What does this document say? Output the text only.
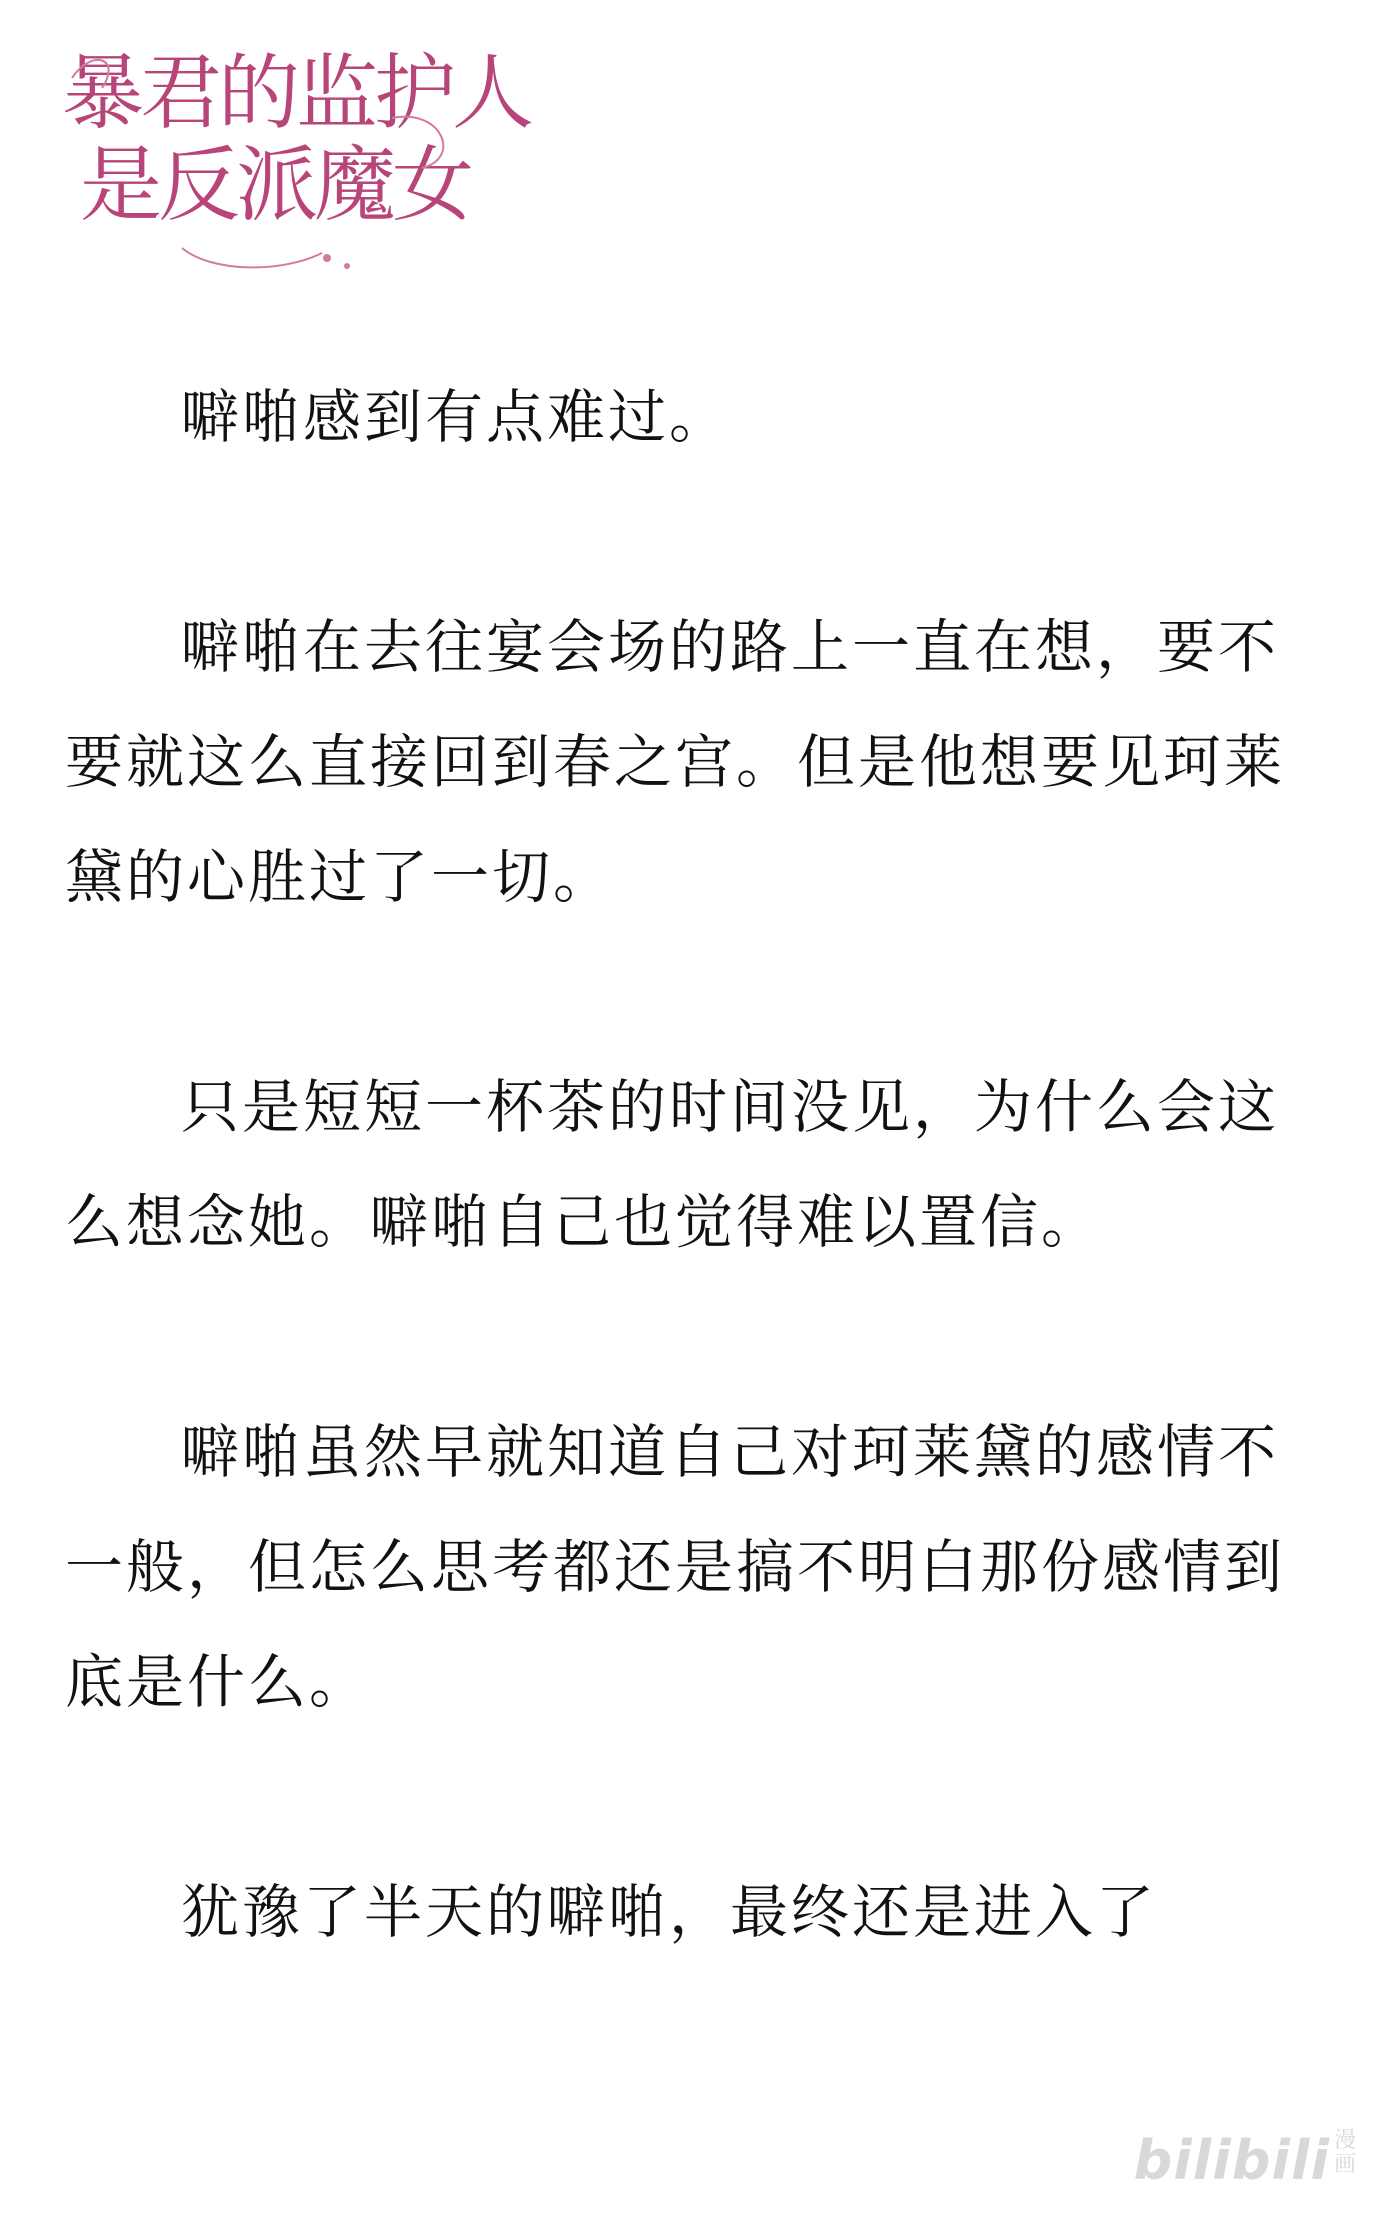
暴君的监护人
是反派魔女

噼啪感到有点难过。

噼啪在去往宴会场的路上一直在想，要不要就这么直接回到春之宫。但是他想要见珂莱黛的心胜过了一切。

只是短短一杯茶的时间没见，为什么会这么想念她。噼啪自己也觉得难以置信。

噼啪虽然早就知道自己对珂莱黛的感情不一般，但怎么思考都还是搞不明白那份感情到底是什么。

犹豫了半天的噼啪，最终还是进入了

bilibili 漫画
